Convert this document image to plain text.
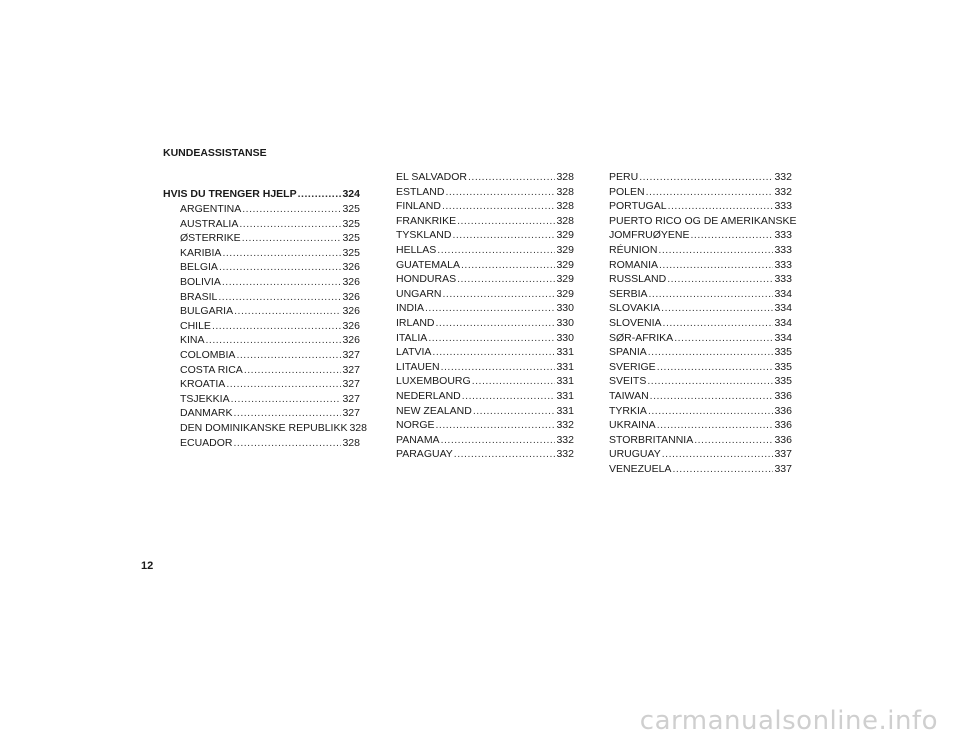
KUNDEASSISTANSE
HVIS DU TRENGER HJELP .....	324
ARGENTINA .....	325
AUSTRALIA .....	325
ØSTERRIKE .....	325
KARIBIA .....	325
BELGIA .....	326
BOLIVIA .....	326
BRASIL .....	326
BULGARIA .....	326
CHILE .....	326
KINA .....	326
COLOMBIA .....	327
COSTA RICA .....	327
KROATIA .....	327
TSJEKKIA .....	327
DANMARK .....	327
DEN DOMINIKANSKE REPUBLIKK 328
ECUADOR .....	328
EL SALVADOR .....	328
ESTLAND .....	328
FINLAND .....	328
FRANKRIKE .....	328
TYSKLAND .....	329
HELLAS .....	329
GUATEMALA .....	329
HONDURAS .....	329
UNGARN .....	329
INDIA .....	330
IRLAND .....	330
ITALIA .....	330
LATVIA .....	331
LITAUEN .....	331
LUXEMBOURG .....	331
NEDERLAND .....	331
NEW ZEALAND .....	331
NORGE .....	332
PANAMA .....	332
PARAGUAY .....	332
PERU .....	332
POLEN .....	332
PORTUGAL .....	333
PUERTO RICO OG DE AMERIKANSKE
JOMFRUØYENE .....	333
RÉUNION .....	333
ROMANIA .....	333
RUSSLAND .....	333
SERBIA .....	334
SLOVAKIA .....	334
SLOVENIA .....	334
SØR-AFRIKA .....	334
SPANIA .....	335
SVERIGE .....	335
SVEITS .....	335
TAIWAN .....	336
TYRKIA .....	336
UKRAINA .....	336
STORBRITANNIA .....	336
URUGUAY .....	337
VENEZUELA .....	337
12
carmanualsonline.info
